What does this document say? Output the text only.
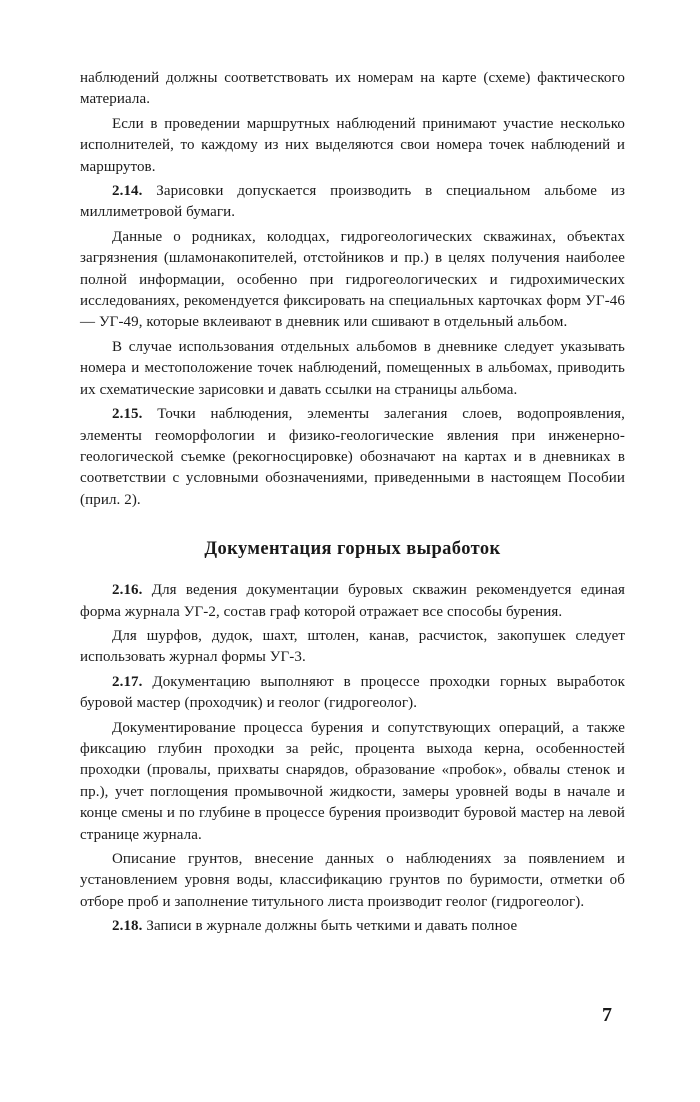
наблюдений должны соответствовать их номерам на карте (схеме) фактического материала.

Если в проведении маршрутных наблюдений принимают участие несколько исполнителей, то каждому из них выделяются свои номера точек наблюдений и маршрутов.

2.14. Зарисовки допускается производить в специальном альбоме из миллиметровой бумаги.

Данные о родниках, колодцах, гидрогеологических скважинах, объектах загрязнения (шламонакопителей, отстойников и пр.) в целях получения наиболее полной информации, особенно при гидрогеологических и гидрохимических исследованиях, рекомендуется фиксировать на специальных карточках форм УГ-46 — УГ-49, которые вклеивают в дневник или сшивают в отдельный альбом.

В случае использования отдельных альбомов в дневнике следует указывать номера и местоположение точек наблюдений, помещенных в альбомах, приводить их схематические зарисовки и давать ссылки на страницы альбома.

2.15. Точки наблюдения, элементы залегания слоев, водопроявления, элементы геоморфологии и физико-геологические явления при инженерно-геологической съемке (рекогносцировке) обозначают на картах и в дневниках в соответствии с условными обозначениями, приведенными в настоящем Пособии (прил. 2).

Документация горных выработок

2.16. Для ведения документации буровых скважин рекомендуется единая форма журнала УГ-2, состав граф которой отражает все способы бурения.

Для шурфов, дудок, шахт, штолен, канав, расчисток, закопушек следует использовать журнал формы УГ-3.

2.17. Документацию выполняют в процессе проходки горных выработок буровой мастер (проходчик) и геолог (гидрогеолог).

Документирование процесса бурения и сопутствующих операций, а также фиксацию глубин проходки за рейс, процента выхода керна, особенностей проходки (провалы, прихваты снарядов, образование «пробок», обвалы стенок и пр.), учет поглощения промывочной жидкости, замеры уровней воды в начале и конце смены и по глубине в процессе бурения производит буровой мастер на левой странице журнала.

Описание грунтов, внесение данных о наблюдениях за появлением и установлением уровня воды, классификацию грунтов по буримости, отметки об отборе проб и заполнение титульного листа производит геолог (гидрогеолог).

2.18. Записи в журнале должны быть четкими и давать полное

7
